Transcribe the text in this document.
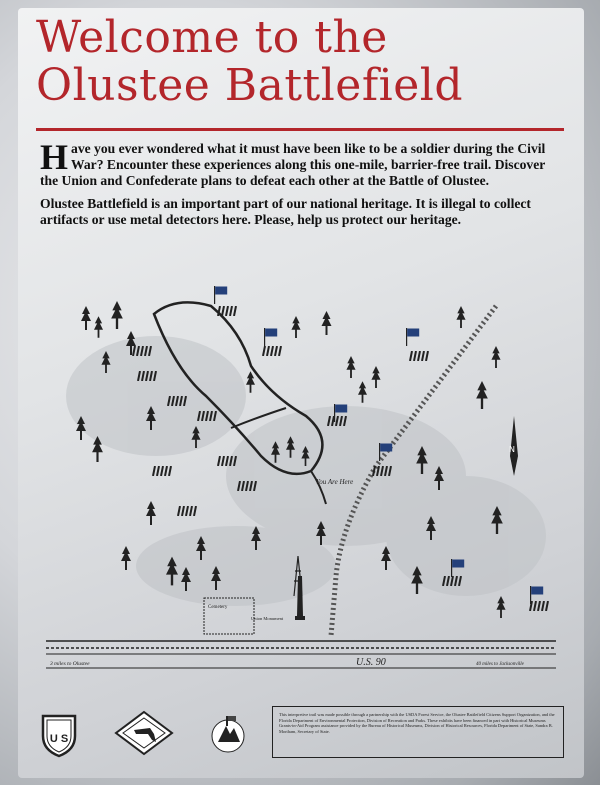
Welcome to the
Olustee Battlefield

Have you ever wondered what it must have been like to be a soldier during the Civil War? Encounter these experiences along this one-mile, barrier-free trail. Discover the Union and Confederate plans to defeat each other at the Battle of Olustee.

Olustee Battlefield is an important part of our national heritage. It is illegal to collect artifacts or use metal detectors here. Please, help us protect our heritage.

U.S. 90
3 miles to Olustee	40 miles to Jacksonville
You Are Here
N
Cemetery
Union Monument
U S
This interpretive trail was made possible through a partnership with the USDA Forest Service, the Olustee Battlefield Citizens Support Organization, and the Florida Department of Environmental Protection, Division of Recreation and Parks. These exhibits have been financed in part with Historical Museums Grants-in-Aid Program assistance provided by the Bureau of Historical Museums, Division of Historical Resources, Florida Department of State, Sandra B. Mortham, Secretary of State.
